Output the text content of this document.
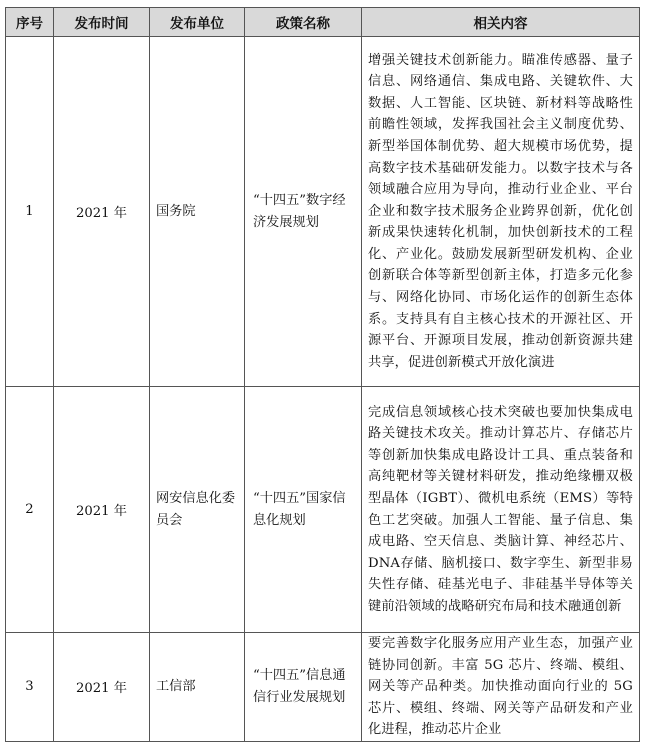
序号	发布时间	发布单位	政策名称	相关内容
1	2021 年	国务院	“十四五”数字经济发展规划	增强关键技术创新能力。瞄准传感器、量子信息、网络通信、集成电路、关键软件、大数据、人工智能、区块链、新材料等战略性前瞻性领域，发挥我国社会主义制度优势、新型举国体制优势、超大规模市场优势，提高数字技术基础研发能力。以数字技术与各领域融合应用为导向，推动行业企业、平台企业和数字技术服务企业跨界创新，优化创新成果快速转化机制，加快创新技术的工程化、产业化。鼓励发展新型研发机构、企业创新联合体等新型创新主体，打造多元化参与、网络化协同、市场化运作的创新生态体系。支持具有自主核心技术的开源社区、开源平台、开源项目发展，推动创新资源共建共享，促进创新模式开放化演进
2	2021 年	网安信息化委员会	“十四五”国家信息化规划	完成信息领域核心技术突破也要加快集成电路关键技术攻关。推动计算芯片、存储芯片等创新加快集成电路设计工具、重点装备和高纯靶材等关键材料研发，推动绝缘栅双极型晶体（IGBT）、微机电系统（EMS）等特色工艺突破。加强人工智能、量子信息、集成电路、空天信息、类脑计算、神经芯片、DNA存储、脑机接口、数字孪生、新型非易失性存储、硅基光电子、非硅基半导体等关键前沿领域的战略研究布局和技术融通创新
3	2021 年	工信部	“十四五”信息通信行业发展规划	要完善数字化服务应用产业生态，加强产业链协同创新。丰富 5G 芯片、终端、模组、网关等产品种类。加快推动面向行业的 5G 芯片、模组、终端、网关等产品研发和产业化进程，推动芯片企业
